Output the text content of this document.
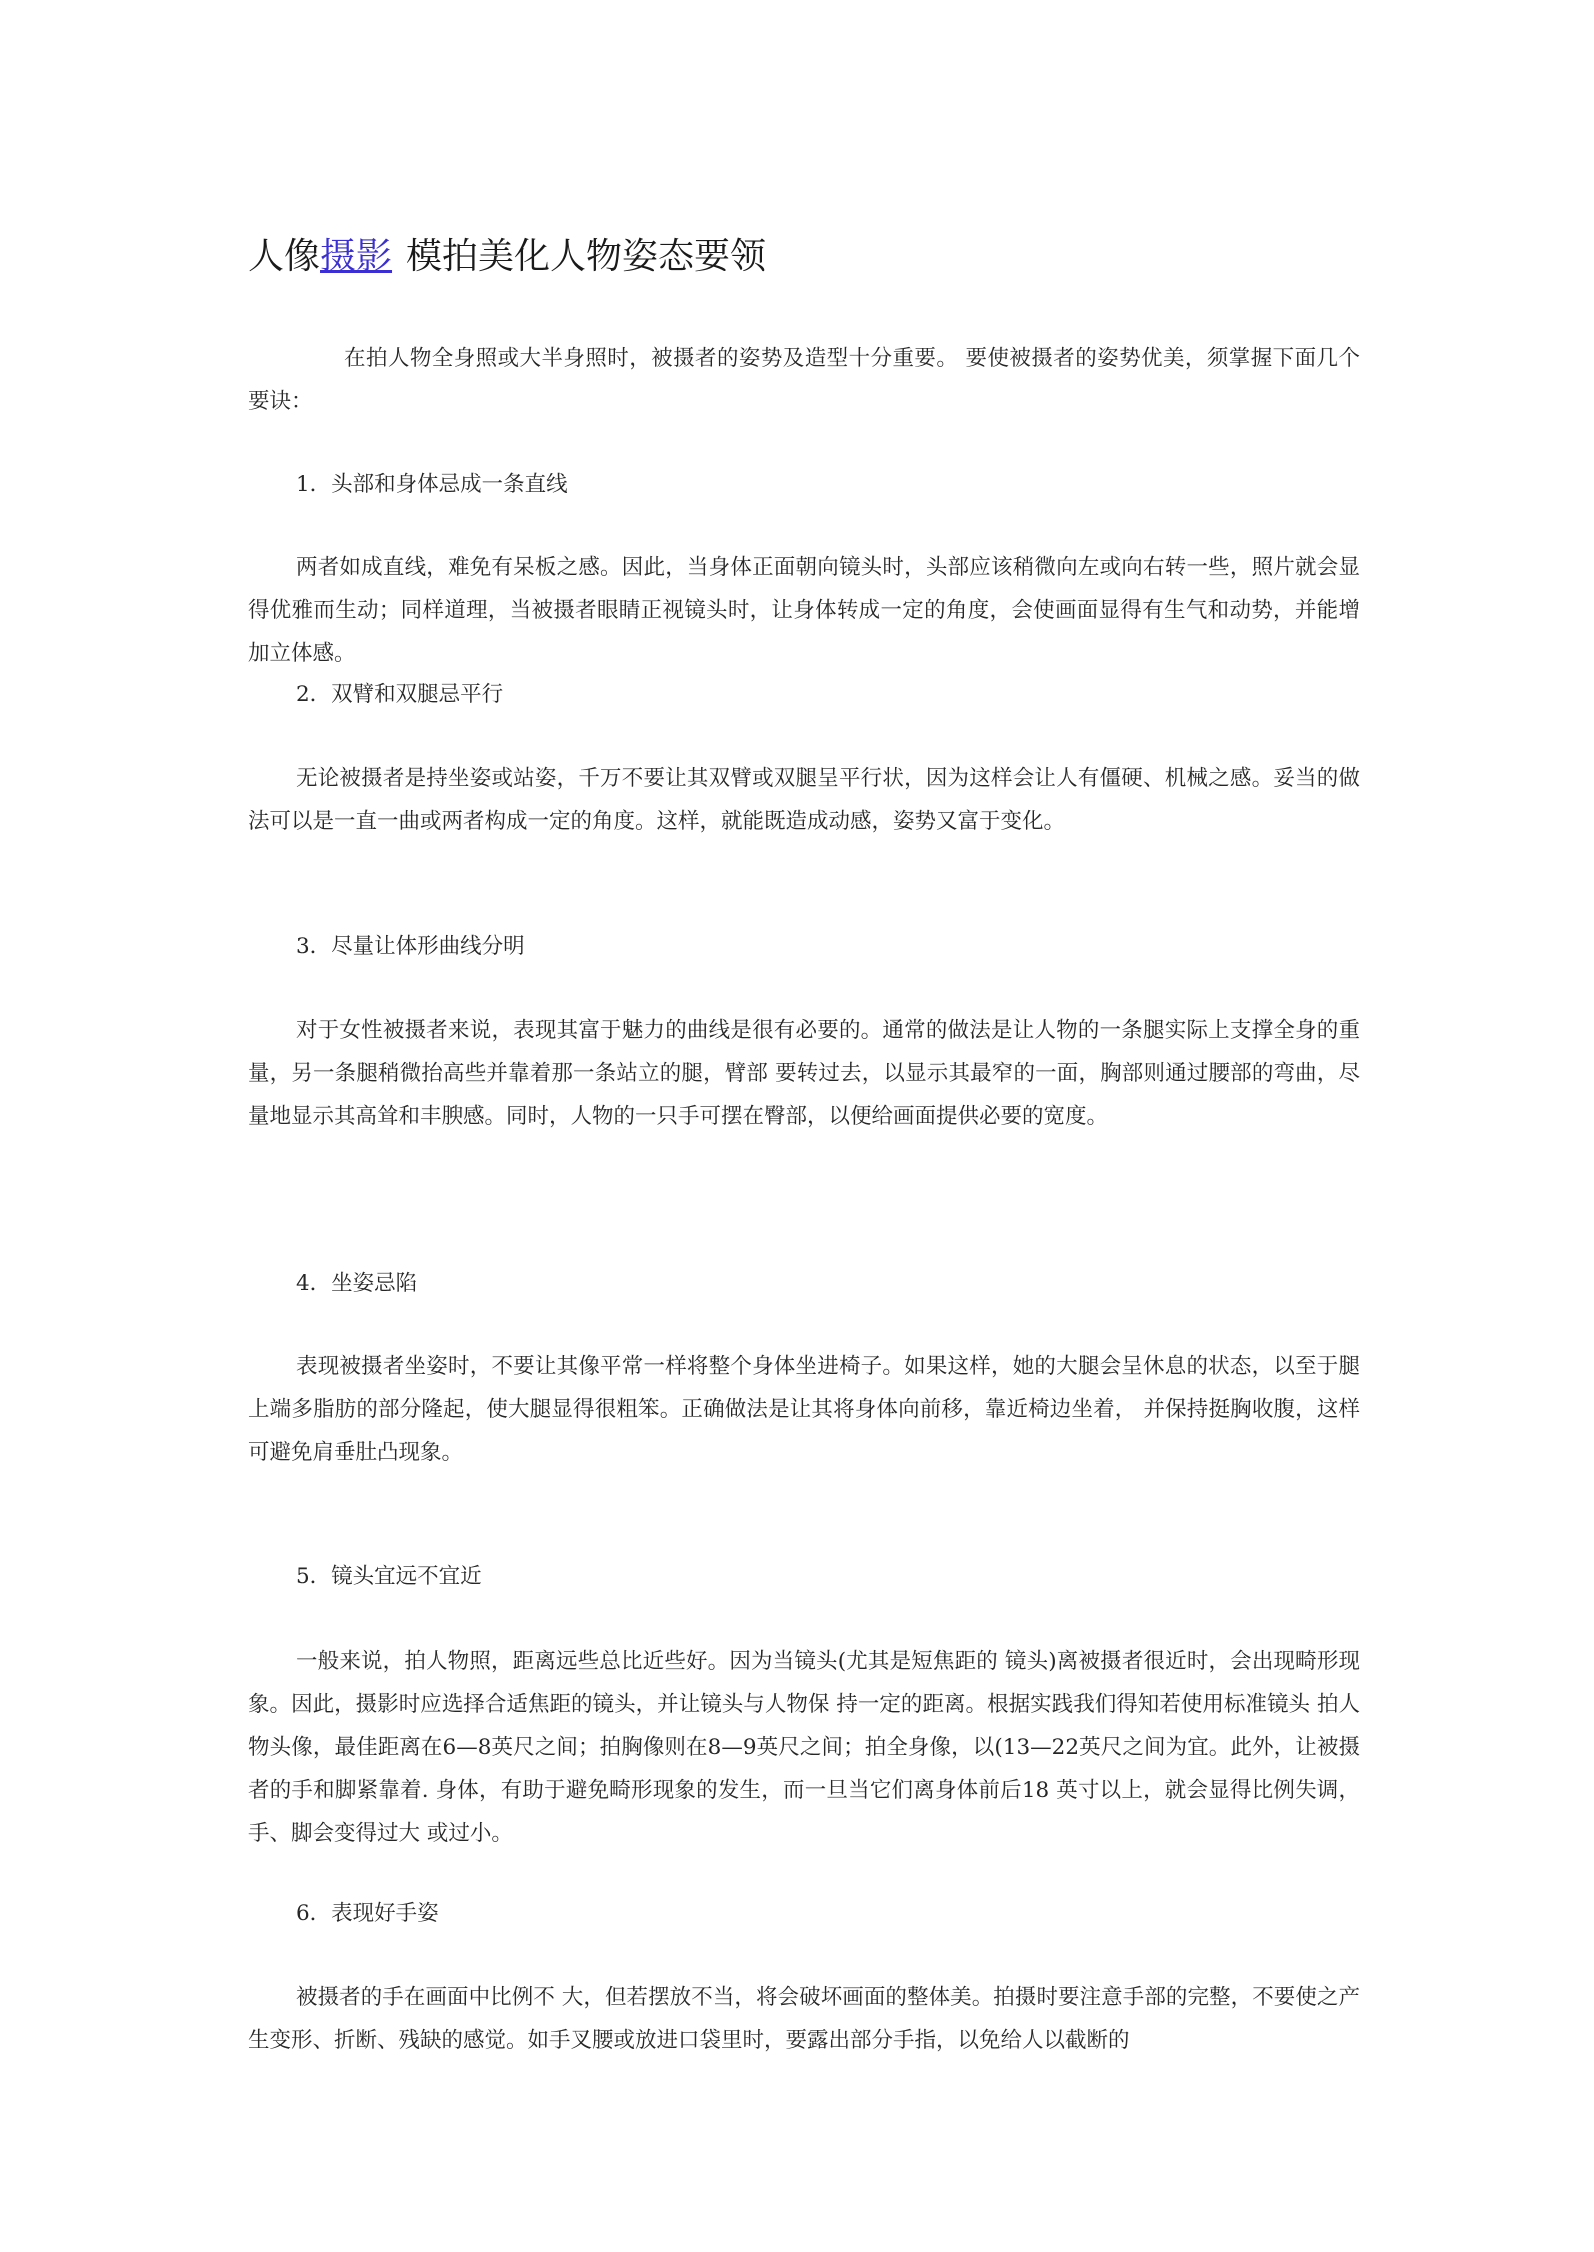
人像摄影 模拍美化人物姿态要领

在拍人物全身照或大半身照时，被摄者的姿势及造型十分重要。 要使被摄者的姿势优美，须掌握下面几个要诀：

1．头部和身体忌成一条直线

两者如成直线，难免有呆板之感。因此，当身体正面朝向镜头时，头部应该稍微向左或向右转一些，照片就会显得优雅而生动；同样道理，当被摄者眼睛正视镜头时，让身体转成一定的角度，会使画面显得有生气和动势，并能增加立体感。

2．双臂和双腿忌平行

无论被摄者是持坐姿或站姿，千万不要让其双臂或双腿呈平行状，因为这样会让人有僵硬、机械之感。妥当的做法可以是一直一曲或两者构成一定的角度。这样，就能既造成动感，姿势又富于变化。

3．尽量让体形曲线分明

对于女性被摄者来说，表现其富于魅力的曲线是很有必要的。通常的做法是让人物的一条腿实际上支撑全身的重量，另一条腿稍微抬高些并靠着那一条站立的腿，臂部 要转过去，以显示其最窄的一面，胸部则通过腰部的弯曲，尽量地显示其高耸和丰腴感。同时，人物的一只手可摆在臀部，以便给画面提供必要的宽度。

4．坐姿忌陷

表现被摄者坐姿时，不要让其像平常一样将整个身体坐进椅子。如果这样，她的大腿会呈休息的状态，以至于腿上端多脂肪的部分隆起，使大腿显得很粗笨。正确做法是让其将身体向前移，靠近椅边坐着， 并保持挺胸收腹，这样可避免肩垂肚凸现象。

5．镜头宜远不宜近

一般来说，拍人物照，距离远些总比近些好。因为当镜头(尤其是短焦距的 镜头)离被摄者很近时，会出现畸形现象。因此，摄影时应选择合适焦距的镜头，并让镜头与人物保 持一定的距离。根据实践我们得知若使用标准镜头 拍人物头像，最佳距离在6—8英尺之间；拍胸像则在8—9英尺之间；拍全身像，以(13—22英尺之间为宜。此外，让被摄者的手和脚紧靠着. 身体，有助于避免畸形现象的发生，而一旦当它们离身体前后18 英寸以上，就会显得比例失调，手、脚会变得过大 或过小。

6．表现好手姿

被摄者的手在画面中比例不 大，但若摆放不当，将会破坏画面的整体美。拍摄时要注意手部的完整，不要使之产生变形、折断、残缺的感觉。如手叉腰或放进口袋里时，要露出部分手指，以免给人以截断的
